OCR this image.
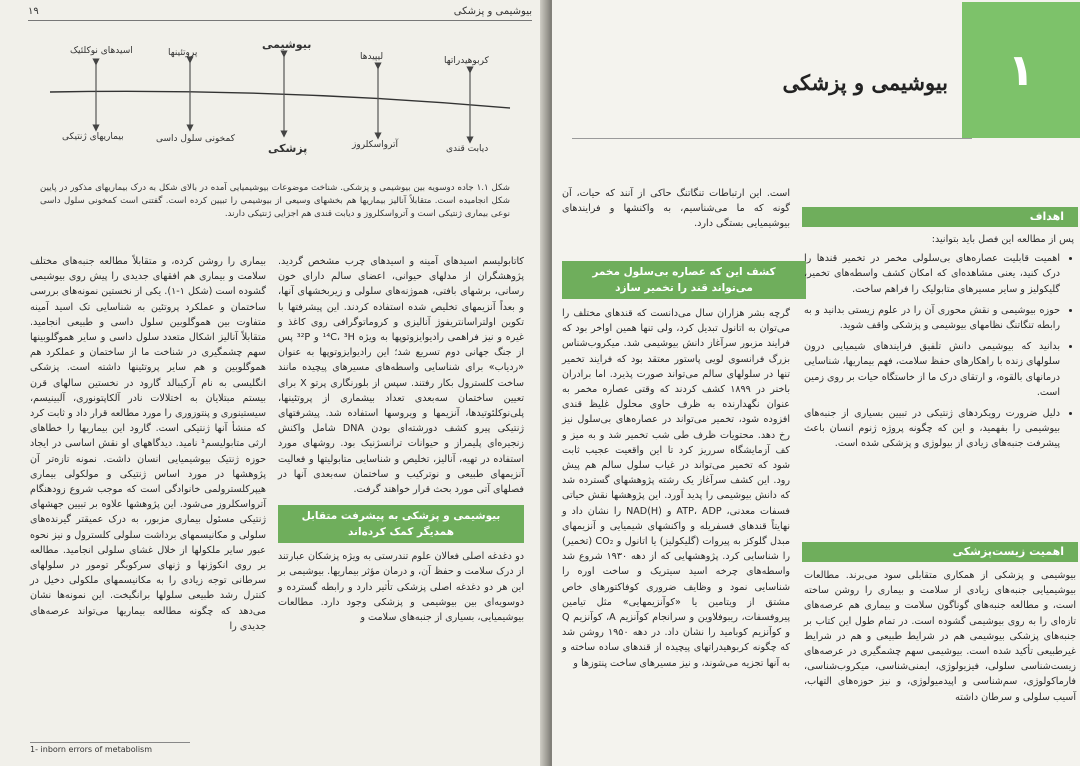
۱۹	بیوشیمی و پزشکی
اسیدهای نوکلئیک	پروتئینها
بیوشیمی
لیپیدها	کربوهیدراتها
بیماریهای ژنتیکی	کمخونی سلول داسی
پزشکی	آترواسکلروز	دیابت قندی

شکل ۱.۱ جاده دوسویه بین بیوشیمی و پزشکی. شناخت موضوعات بیوشیمیایی آمده در بالای شکل به درک بیماریهای مذکور در پایین شکل انجامیده است. متقابلاً آنالیز بیماریها هم بخشهای وسیعی از بیوشیمی را تبیین کرده است. گفتنی است کمخونی سلول داسی نوعی بیماری ژنتیکی است و آترواسکلروز و دیابت قندی هم اجزایی ژنتیکی دارند.

کاتابولیسم اسیدهای آمینه و اسیدهای چرب مشخص گردید. پژوهشگران از مدلهای حیوانی، اعضای سالم دارای خون رسانی، برشهای بافتی، هموژنه‌های سلولی و زیربخشهای آنها، و بعداً آنزیمهای تخلیص شده استفاده کردند. این پیشرفتها با تکوین اولتراسانتریفوژ آنالیزی و کروماتوگرافی روی کاغذ و غیره و نیز فراهمی رادیوایزوتوپها به ویژه ¹⁴C، ³H و ³²P پس از جنگ جهانی دوم تسریع شد؛ این رادیوایزوتوپها به عنوان «ردیاب» برای شناسایی واسطه‌های مسیرهای پیچیده مانند ساخت کلسترول بکار رفتند. سپس از بلورنگاری پرتو X برای تعیین ساختمان سه‌بعدی تعداد بیشماری از پروتئینها، پلی‌نوکلئوتیدها، آنزیمها و ویروسها استفاده شد. پیشرفتهای ژنتیکی پیرو کشف دورشته‌ای بودن DNA شامل واکنش زنجیره‌ای پلیمراز و حیوانات ترانسژنیک بود. روشهای مورد استفاده در تهیه، آنالیز، تخلیص و شناسایی متابولیتها و فعالیت آنزیمهای طبیعی و نوترکیب و ساختمان سه‌بعدی آنها در فصلهای آتی مورد بحث قرار خواهند گرفت.

بیوشیمی و پزشکی به پیشرفت متقابل همدیگر کمک کرده‌اند

دو دغدغه اصلی فعالان علوم تندرستی به ویژه پزشکان عبارتند از درک سلامت و حفظ آن، و درمان مؤثر بیماریها. بیوشیمی بر این هر دو دغدغه اصلی پزشکی تأثیر دارد و رابطه گسترده و دوسویه‌ای بین بیوشیمی و پزشکی وجود دارد. مطالعات بیوشیمیایی، بسیاری از جنبه‌های سلامت و

بیماری را روشن کرده، و متقابلاً مطالعه جنبه‌های مختلف سلامت و بیماری هم افقهای جدیدی را پیش روی بیوشیمی گشوده است (شکل ۱-۱). یکی از نخستین نمونه‌های بررسی ساختمان و عملکرد پروتئین به شناسایی تک اسید آمینه متفاوت بین هموگلوبین سلول داسی و طبیعی انجامید. متقابلاً آنالیز اشکال متعدد سلول داسی و سایر هموگلوبینها سهم چشمگیری در شناخت ما از ساختمان و عملکرد هم هموگلوبین و هم سایر پروتئینها داشته است. پزشکی انگلیسی به نام آرکیبالد گارود در نخستین سالهای قرن بیستم مبتلایان به اختلالات نادر آلکاپتونوری، آلبینیسم، سیستینوری و پنتوزوری را مورد مطالعه قرار داد و ثابت کرد که منشأ آنها ژنتیکی است. گارود این بیماریها را خطاهای ارثی متابولیسم¹ نامید. دیدگاههای او نقش اساسی در ایجاد حوزه ژنتیک بیوشیمیایی انسان داشت. نمونه تازه‌تر آن پژوهشها در مورد اساس ژنتیکی و مولکولی بیماری هیپرکلسترولمی خانوادگی است که موجب شروع زودهنگام آترواسکلروز می‌شود. این پژوهشها علاوه بر تبیین جهشهای ژنتیکی مسئول بیماری مزبور، به درک عمیقتر گیرنده‌های سلولی و مکانیسمهای برداشت سلولی کلسترول و نیز نحوه عبور سایر ملکولها از خلال غشای سلولی انجامید. مطالعه بر روی انکوژنها و ژنهای سرکوبگر تومور در سلولهای سرطانی توجه زیادی را به مکانیسمهای ملکولی دخیل در کنترل رشد طبیعی سلولها برانگیخت. این نمونه‌ها نشان می‌دهد که چگونه مطالعه بیماریها می‌تواند عرصه‌های جدیدی را

1- inborn errors of metabolism
۱
بیوشیمی و پزشکی

است. این ارتباطات تنگاتنگ حاکی از آنند که حیات، آن گونه که ما می‌شناسیم، به واکنشها و فرایندهای بیوشیمیایی بستگی دارد.

کشف این که عصاره بی‌سلول مخمر می‌تواند قند را تخمیر سازد

گرچه بشر هزاران سال می‌دانست که قندهای مختلف را می‌توان به اتانول تبدیل کرد، ولی تنها همین اواخر بود که فرایند مزبور سرآغاز دانش بیوشیمی شد. میکروب‌شناس بزرگ فرانسوی لویی پاستور معتقد بود که فرایند تخمیر تنها در سلولهای سالم می‌تواند صورت پذیرد. اما برادران باخنر در ۱۸۹۹ کشف کردند که وقتی عصاره مخمر به عنوان نگهدارنده به ظرف حاوی محلول غلیظ قندی افزوده شود، تخمیر می‌تواند در عصاره‌های بی‌سلول نیز رخ دهد. محتویات ظرف طی شب تخمیر شد و به میز و کف آزمایشگاه سرریز کرد تا این واقعیت عجیب ثابت شود که تخمیر می‌تواند در غیاب سلول سالم هم پیش رود. این کشف سرآغاز یک رشته پژوهشهای گسترده شد که دانش بیوشیمی را پدید آورد. این پژوهشها نقش حیاتی فسفات معدنی، ATP، ADP و NAD(H) را نشان داد و نهایتاً قندهای فسفریله و واکنشهای شیمیایی و آنزیمهای مبدل گلوکز به پیروات (گلیکولیز) یا اتانول و CO₂ (تخمیر) را شناسایی کرد. پژوهشهایی که از دهه ۱۹۳۰ شروع شد واسطه‌های چرخه اسید سیتریک و ساخت اوره را شناسایی نمود و وظایف ضروری کوفاکتورهای خاص مشتق از ویتامین یا «کوآنزیمهایی» مثل تیامین پیروفسفات، ریبوفلاوین و سرانجام کوآنزیم A، کوآنزیم Q و کوآنزیم کوبامید را نشان داد. در دهه ۱۹۵۰ روشن شد که چگونه کربوهیدراتهای پیچیده از قندهای ساده ساخته و به آنها تجزیه می‌شوند، و نیز مسیرهای ساخت پنتوزها و

اهداف

پس از مطالعه این فصل باید بتوانید:

• اهمیت قابلیت عصاره‌های بی‌سلولی مخمر در تخمیر قندها را درک کنید، یعنی مشاهده‌ای که امکان کشف واسطه‌های تخمیر، گلیکولیز و سایر مسیرهای متابولیک را فراهم ساخت.
• حوزه بیوشیمی و نقش محوری آن را در علوم زیستی بدانید و به رابطه تنگاتنگ نظامهای بیوشیمی و پزشکی واقف شوید.
• بدانید که بیوشیمی دانش تلفیق فرایندهای شیمیایی درون سلولهای زنده با راهکارهای حفظ سلامت، فهم بیماریها، شناسایی درمانهای بالقوه، و ارتقای درک ما از خاستگاه حیات بر روی زمین است.
• دلیل ضرورت رویکردهای ژنتیکی در تبیین بسیاری از جنبه‌های بیوشیمی را بفهمید، و این که چگونه پروژه ژنوم انسان باعث پیشرفت جنبه‌های زیادی از بیولوژی و پزشکی شده است.
اهمیت زیست‌پزشکی

بیوشیمی و پزشکی از همکاری متقابلی سود می‌برند. مطالعات بیوشیمیایی جنبه‌های زیادی از سلامت و بیماری را روشن ساخته است، و مطالعه جنبه‌های گوناگون سلامت و بیماری هم عرصه‌های تازه‌ای را به روی بیوشیمی گشوده است. در تمام طول این کتاب بر جنبه‌های پزشکی بیوشیمی هم در شرایط طبیعی و هم در شرایط غیرطبیعی تأکید شده است. بیوشیمی سهم چشمگیری در عرصه‌های زیست‌شناسی سلولی، فیزیولوژی، ایمنی‌شناسی، میکروب‌شناسی، فارماکولوژی، سم‌شناسی و اپیدمیولوژی، و نیز حوزه‌های التهاب، آسیب سلولی و سرطان داشته
